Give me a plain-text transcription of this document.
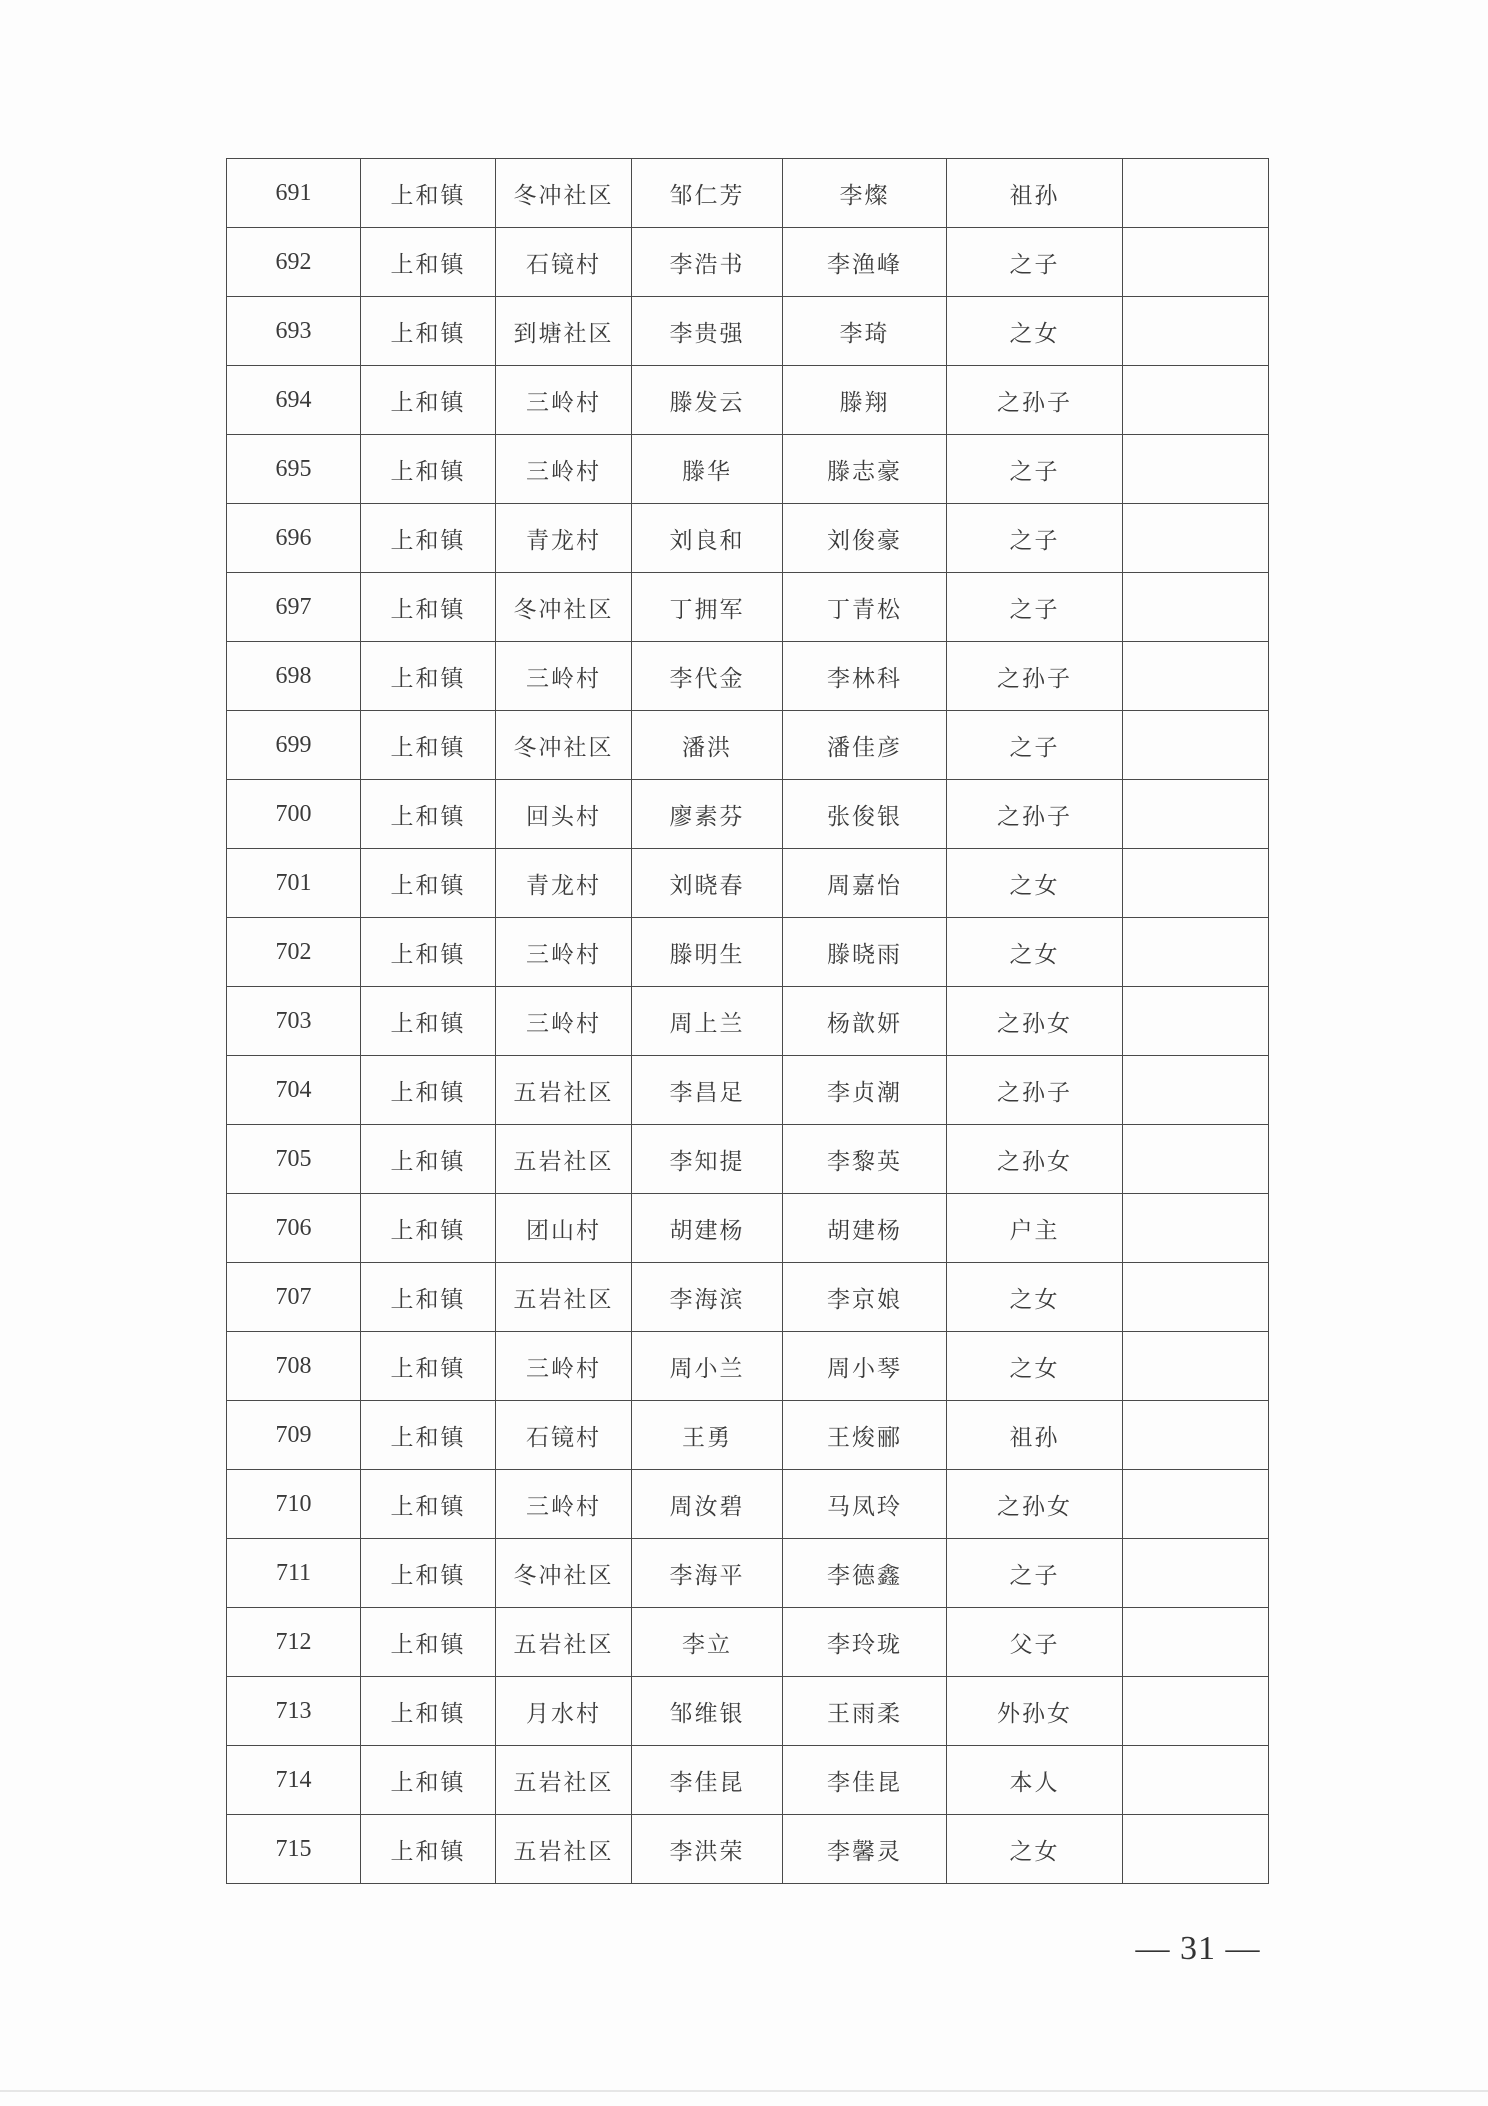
691	上和镇	冬冲社区	邹仁芳	李燦	祖孙	
692	上和镇	石镜村	李浩书	李渔峰	之子	
693	上和镇	到塘社区	李贵强	李琦	之女	
694	上和镇	三岭村	滕发云	滕翔	之孙子	
695	上和镇	三岭村	滕华	滕志豪	之子	
696	上和镇	青龙村	刘良和	刘俊豪	之子	
697	上和镇	冬冲社区	丁拥军	丁青松	之子	
698	上和镇	三岭村	李代金	李林科	之孙子	
699	上和镇	冬冲社区	潘洪	潘佳彦	之子	
700	上和镇	回头村	廖素芬	张俊银	之孙子	
701	上和镇	青龙村	刘晓春	周嘉怡	之女	
702	上和镇	三岭村	滕明生	滕晓雨	之女	
703	上和镇	三岭村	周上兰	杨歆妍	之孙女	
704	上和镇	五岩社区	李昌足	李贞潮	之孙子	
705	上和镇	五岩社区	李知提	李黎英	之孙女	
706	上和镇	团山村	胡建杨	胡建杨	户主	
707	上和镇	五岩社区	李海滨	李京娘	之女	
708	上和镇	三岭村	周小兰	周小琴	之女	
709	上和镇	石镜村	王勇	王焌郦	祖孙	
710	上和镇	三岭村	周汝碧	马凤玲	之孙女	
711	上和镇	冬冲社区	李海平	李德鑫	之子	
712	上和镇	五岩社区	李立	李玲珑	父子	
713	上和镇	月水村	邹维银	王雨柔	外孙女	
714	上和镇	五岩社区	李佳昆	李佳昆	本人	
715	上和镇	五岩社区	李洪荣	李馨灵	之女	
— 31 —
